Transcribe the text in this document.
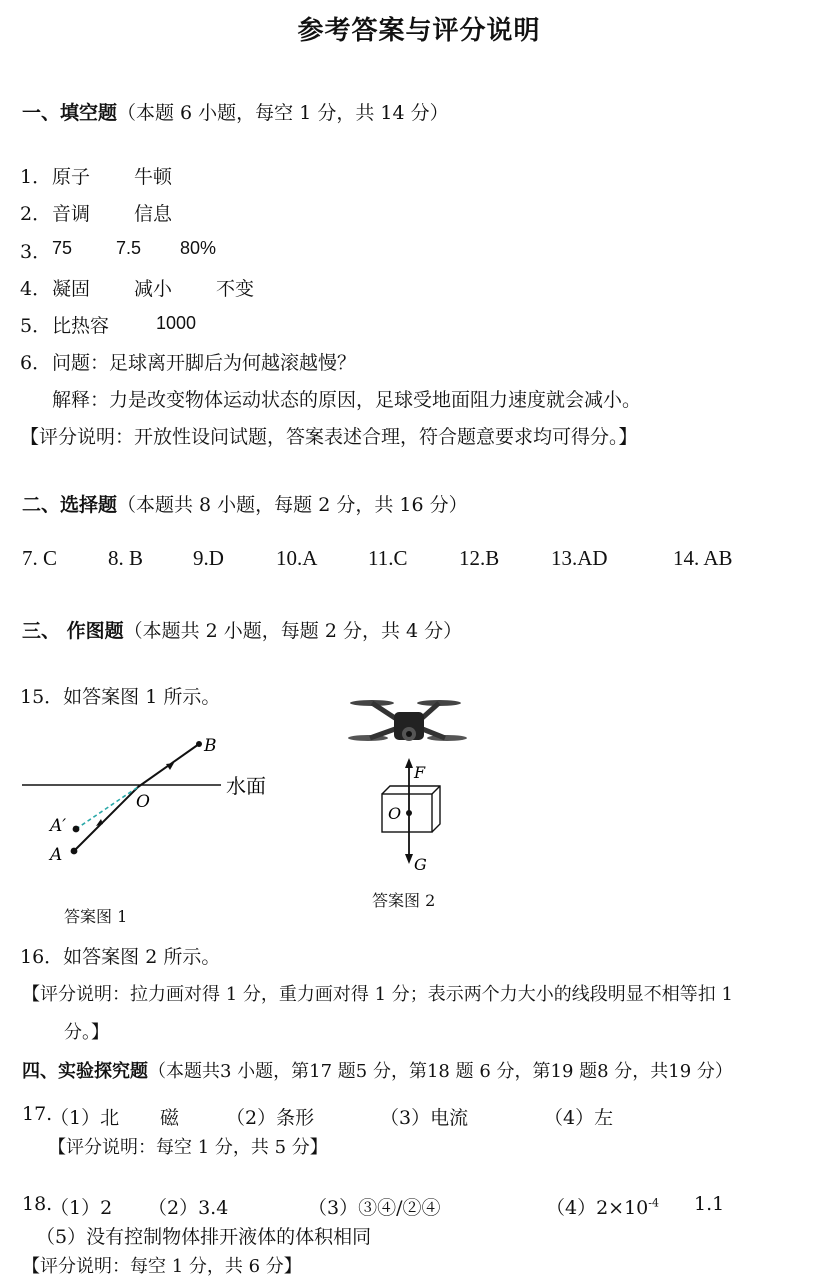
参考答案与评分说明
一、填空题（本题 6 小题，每空 1 分，共 14 分）
1． 原子 牛顿
2． 音调 信息
3． 75 7.5 80%
4． 凝固 减小 不变
5． 比热容	1000
6． 问题：足球离开脚后为何越滚越慢？
解释：力是改变物体运动状态的原因，足球受地面阻力速度就会减小。
【评分说明：开放性设问试题，答案表述合理，符合题意要求均可得分。】
二、选择题（本题共 8 小题，每题 2 分，共 16 分）
7. C 8. B 9.D 10.A 11.C 12.B 13.AD	14. AB
三、 作图题（本题共 2 小题，每题 2 分，共 4 分）
15．如答案图 1 所示。
B
O
A′
A
水面
答案图 1
F
O
G
答案图 2
16．如答案图 2 所示。
【评分说明：拉力画对得 1 分，重力画对得 1 分；表示两个力大小的线段明显不相等扣 1
分。】
四、实验探究题（本题共3 小题，第17 题5 分，第18 题 6 分，第19 题8 分，共19 分）
17.
（1）北 磁 （2）条形	（3）电流	（4）左
【评分说明：每空 1 分，共 5 分】
18.
（1）2 （2）3.4	（3）③④/②④	$(4)2\times 10^{-4}$ 1.1
（5）没有控制物体排开液体的体积相同
【评分说明：每空 1 分，共 6 分】
